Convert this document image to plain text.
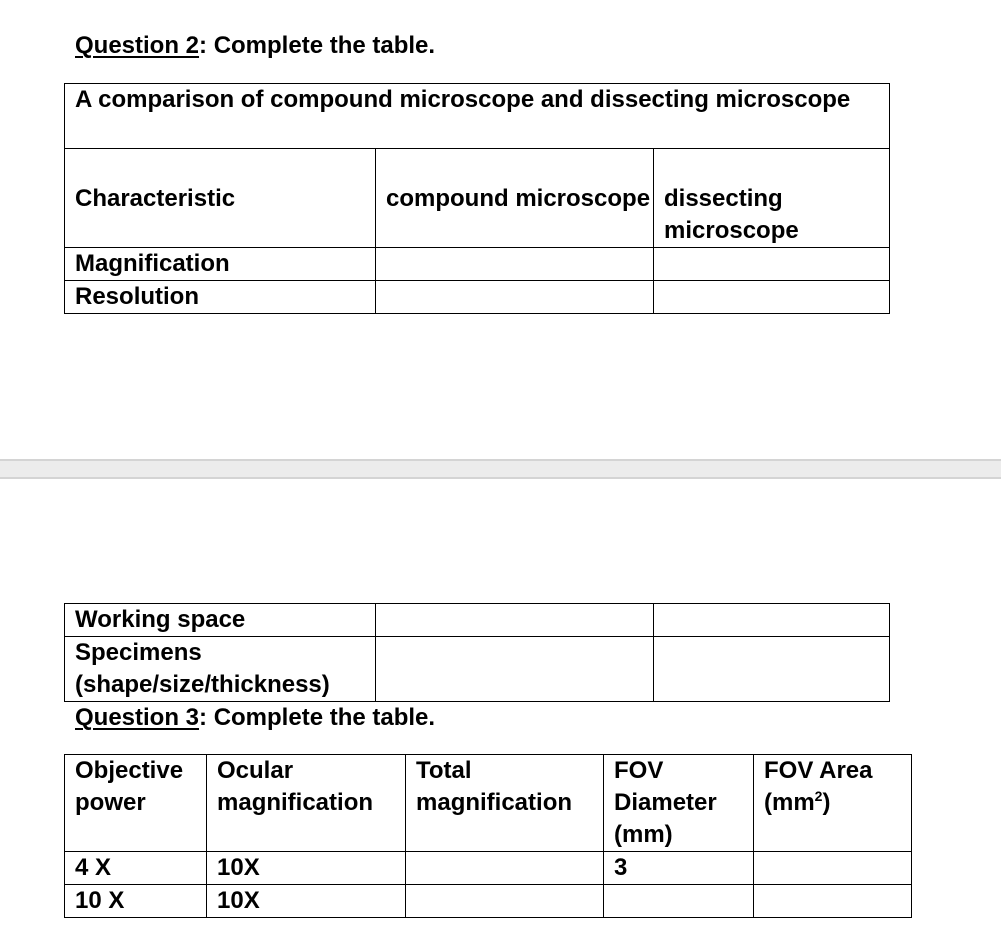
Question 2: Complete the table.
A comparison of compound microscope and dissecting microscope		
Characteristic	compound microscope	dissecting microscope
Magnification		
Resolution		
Working space		
Specimens (shape/size/thickness)		
Question 3: Complete the table.
Objective power	Ocular magnification	Total magnification	FOV Diameter (mm)	FOV Area $(mm^2)$
4 X	10X		3	
10 X	10X			
